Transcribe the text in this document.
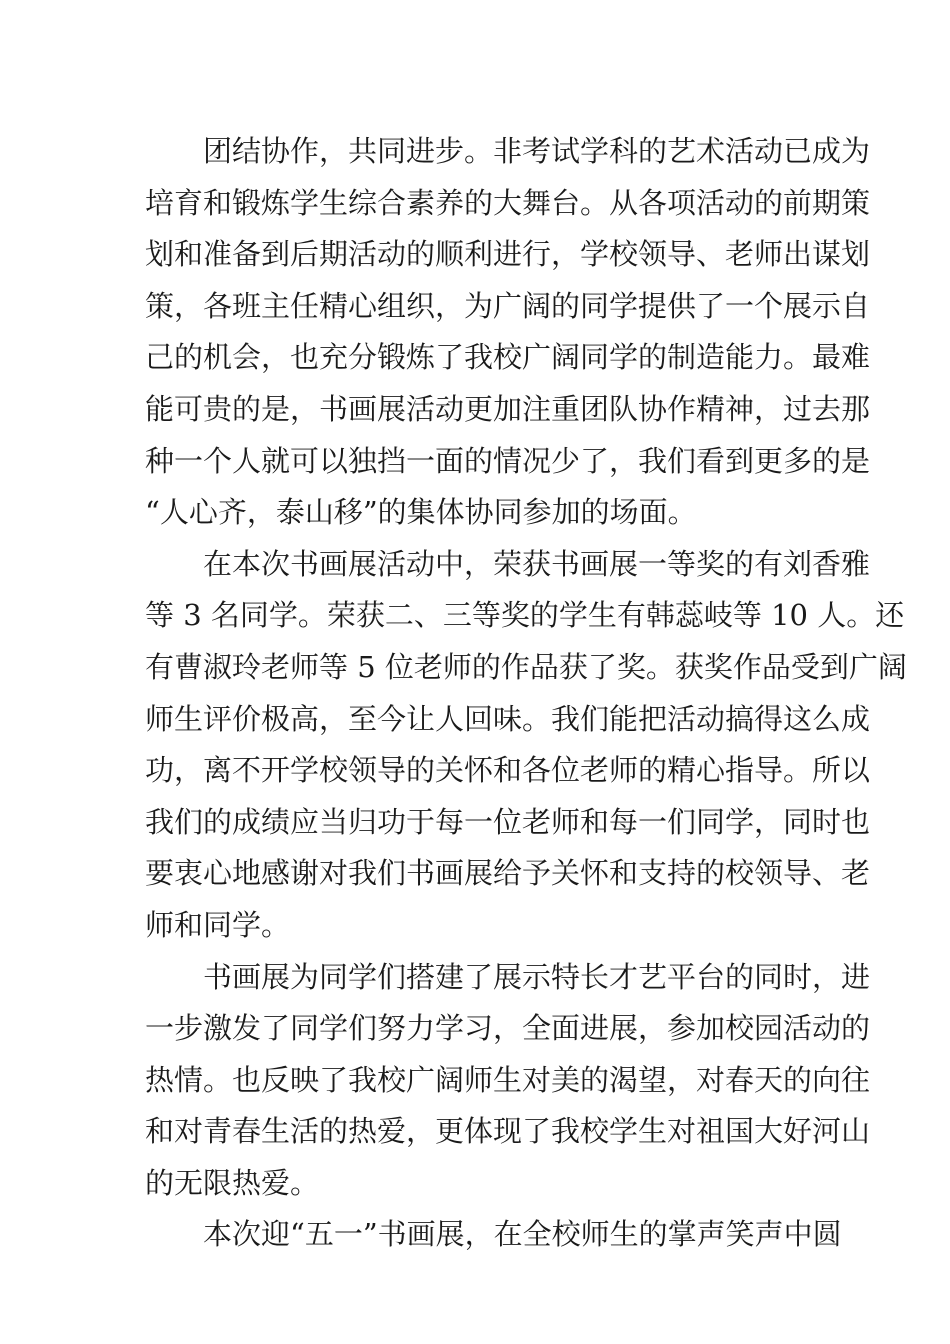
团结协作，共同进步。非考试学科的艺术活动已成为
培育和锻炼学生综合素养的大舞台。从各项活动的前期策
划和准备到后期活动的顺利进行，学校领导、老师出谋划
策，各班主任精心组织，为广阔的同学提供了一个展示自
己的机会，也充分锻炼了我校广阔同学的制造能力。最难
能可贵的是，书画展活动更加注重团队协作精神，过去那
种一个人就可以独挡一面的情况少了，我们看到更多的是
“人心齐，泰山移”的集体协同参加的场面。
在本次书画展活动中，荣获书画展一等奖的有刘香雅
等 3 名同学。荣获二、三等奖的学生有韩蕊岐等 10 人。还
有曹淑玲老师等 5 位老师的作品获了奖。获奖作品受到广阔
师生评价极高，至今让人回味。我们能把活动搞得这么成
功，离不开学校领导的关怀和各位老师的精心指导。所以
我们的成绩应当归功于每一位老师和每一们同学，同时也
要衷心地感谢对我们书画展给予关怀和支持的校领导、老
师和同学。
书画展为同学们搭建了展示特长才艺平台的同时，进
一步激发了同学们努力学习，全面进展，参加校园活动的
热情。也反映了我校广阔师生对美的渴望，对春天的向往
和对青春生活的热爱，更体现了我校学生对祖国大好河山
的无限热爱。
本次迎“五一”书画展，在全校师生的掌声笑声中圆
